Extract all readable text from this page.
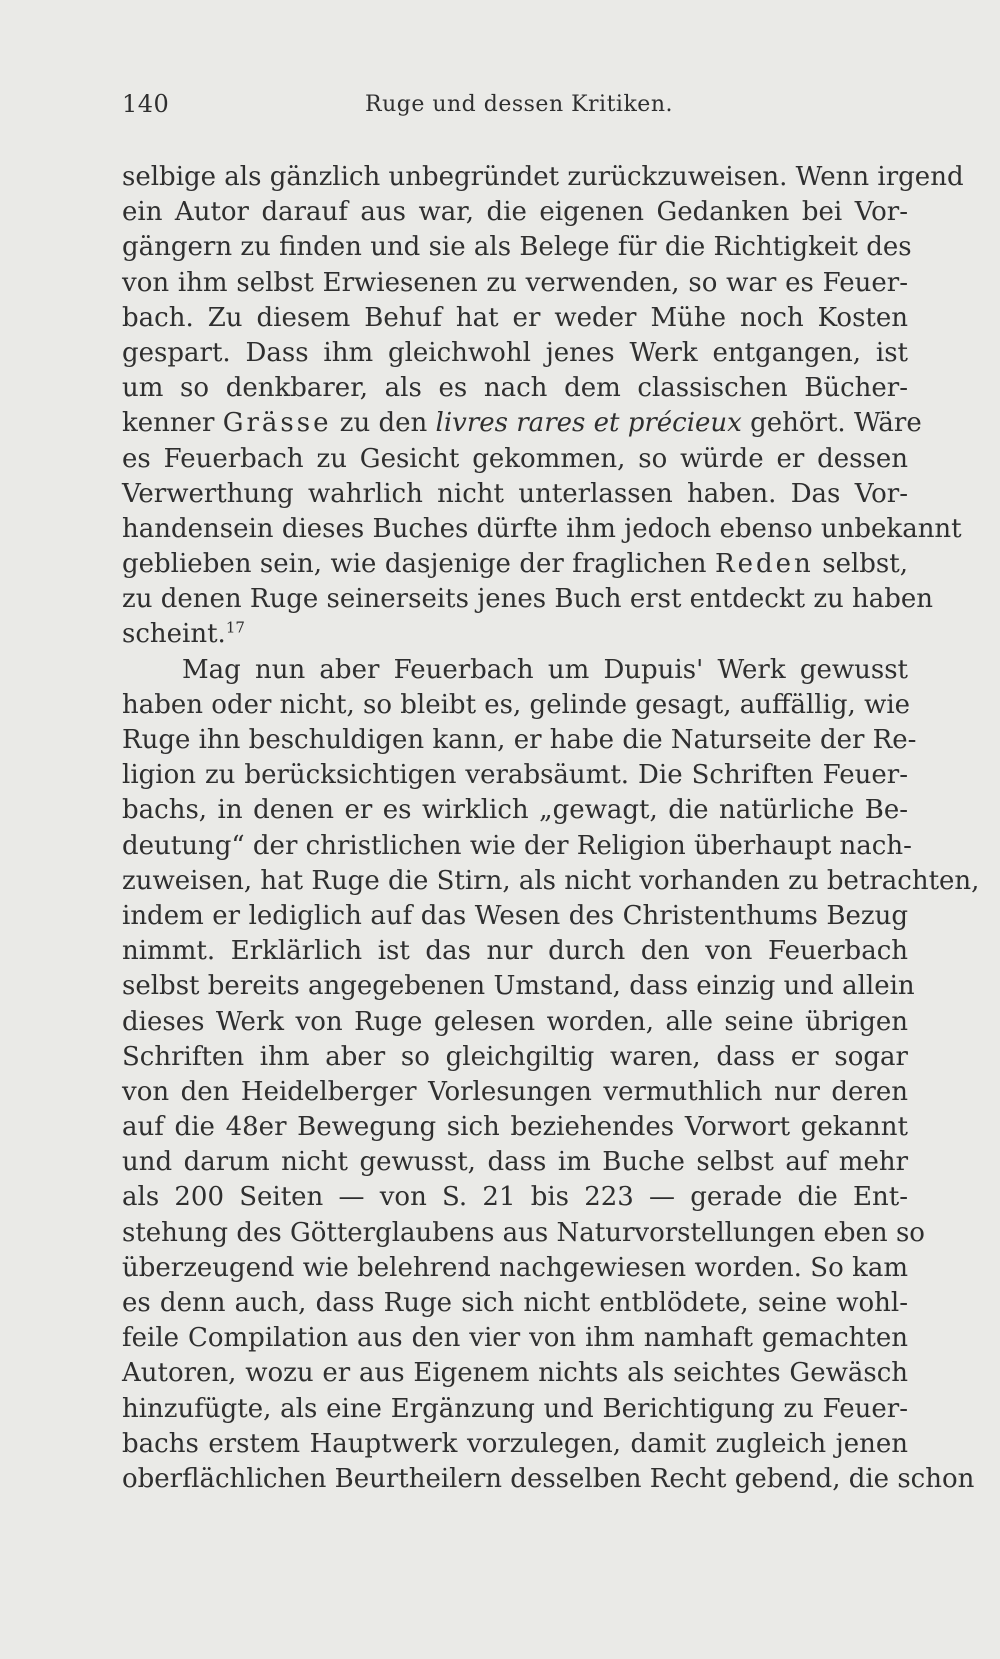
140	Ruge und dessen Kritiken.
selbige als gänzlich unbegründet zurückzuweisen. Wenn irgend
ein Autor darauf aus war, die eigenen Gedanken bei Vor-
gängern zu finden und sie als Belege für die Richtigkeit des
von ihm selbst Erwiesenen zu verwenden, so war es Feuer-
bach. Zu diesem Behuf hat er weder Mühe noch Kosten
gespart. Dass ihm gleichwohl jenes Werk entgangen, ist
um so denkbarer, als es nach dem classischen Bücher-
kenner Grässe zu den livres rares et précieux gehört. Wäre
es Feuerbach zu Gesicht gekommen, so würde er dessen
Verwerthung wahrlich nicht unterlassen haben. Das Vor-
handensein dieses Buches dürfte ihm jedoch ebenso unbekannt
geblieben sein, wie dasjenige der fraglichen Reden selbst,
zu denen Ruge seinerseits jenes Buch erst entdeckt zu haben
scheint.$^{17}$
Mag nun aber Feuerbach um Dupuis' Werk gewusst
haben oder nicht, so bleibt es, gelinde gesagt, auffällig, wie
Ruge ihn beschuldigen kann, er habe die Naturseite der Re-
ligion zu berücksichtigen verabsäumt. Die Schriften Feuer-
bachs, in denen er es wirklich „gewagt, die natürliche Be-
deutung“ der christlichen wie der Religion überhaupt nach-
zuweisen, hat Ruge die Stirn, als nicht vorhanden zu betrachten,
indem er lediglich auf das Wesen des Christenthums Bezug
nimmt. Erklärlich ist das nur durch den von Feuerbach
selbst bereits angegebenen Umstand, dass einzig und allein
dieses Werk von Ruge gelesen worden, alle seine übrigen
Schriften ihm aber so gleichgiltig waren, dass er sogar
von den Heidelberger Vorlesungen vermuthlich nur deren
auf die 48er Bewegung sich beziehendes Vorwort gekannt
und darum nicht gewusst, dass im Buche selbst auf mehr
als 200 Seiten — von S. 21 bis 223 — gerade die Ent-
stehung des Götterglaubens aus Naturvorstellungen eben so
überzeugend wie belehrend nachgewiesen worden. So kam
es denn auch, dass Ruge sich nicht entblödete, seine wohl-
feile Compilation aus den vier von ihm namhaft gemachten
Autoren, wozu er aus Eigenem nichts als seichtes Gewäsch
hinzufügte, als eine Ergänzung und Berichtigung zu Feuer-
bachs erstem Hauptwerk vorzulegen, damit zugleich jenen
oberflächlichen Beurtheilern desselben Recht gebend, die schon
